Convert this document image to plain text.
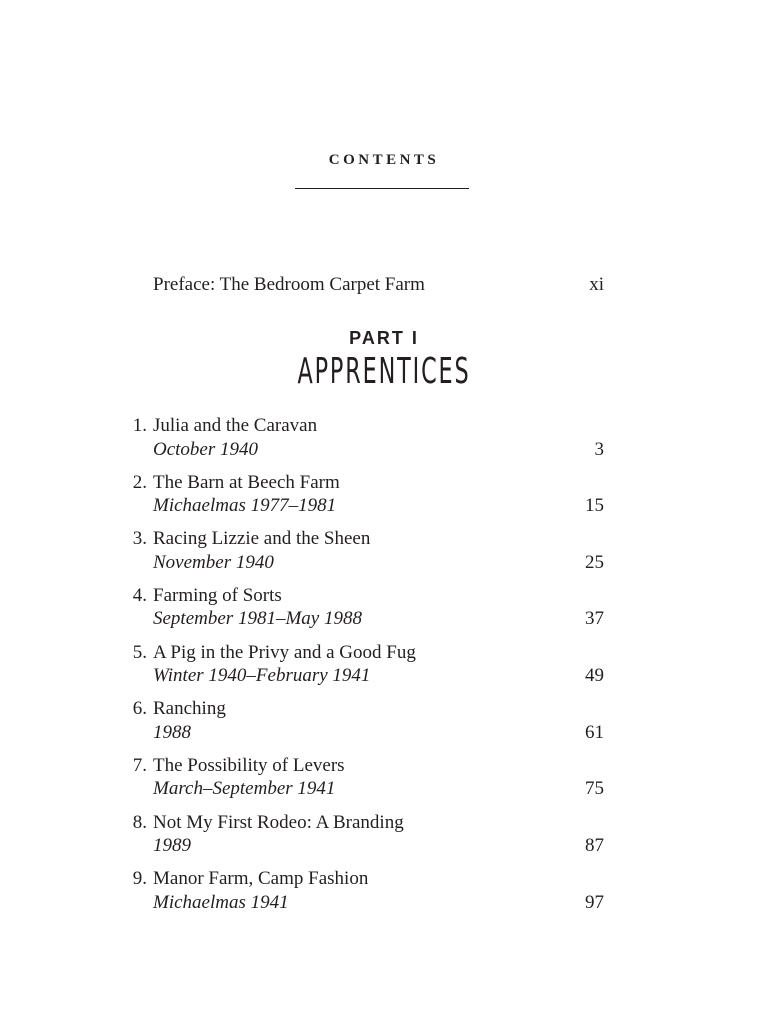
CONTENTS
Preface: The Bedroom Carpet Farm	xi
PART I
APPRENTICES
1. Julia and the Caravan
October 1940	3
2. The Barn at Beech Farm
Michaelmas 1977–1981	15
3. Racing Lizzie and the Sheen
November 1940	25
4. Farming of Sorts
September 1981–May 1988	37
5. A Pig in the Privy and a Good Fug
Winter 1940–February 1941	49
6. Ranching
1988	61
7. The Possibility of Levers
March–September 1941	75
8. Not My First Rodeo: A Branding
1989	87
9. Manor Farm, Camp Fashion
Michaelmas 1941	97
